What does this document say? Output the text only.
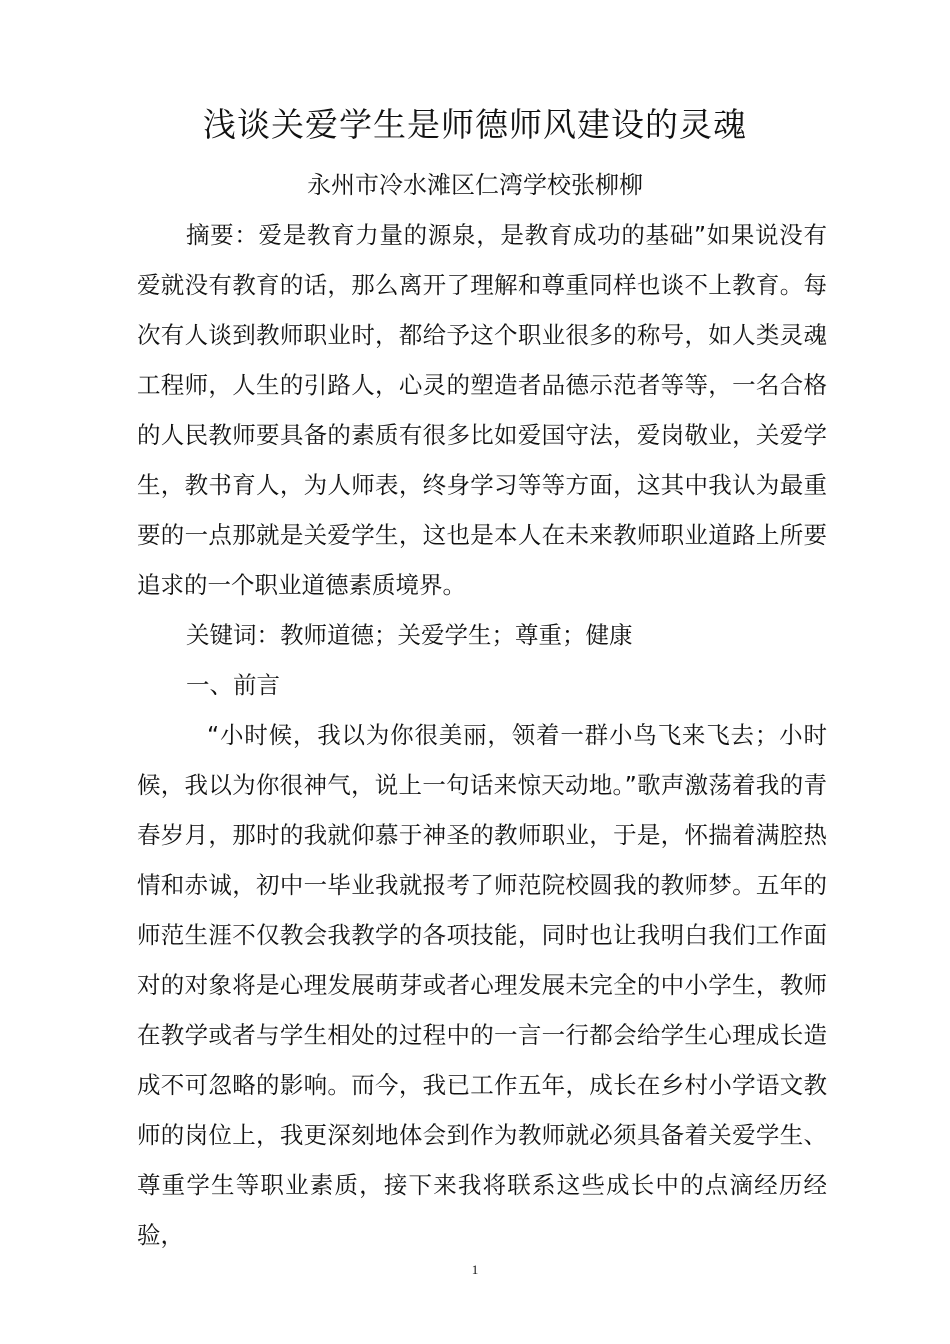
浅谈关爱学生是师德师风建设的灵魂
永州市冷水滩区仁湾学校张柳柳

摘要：爱是教育力量的源泉，是教育成功的基础”如果说没有爱就没有教育的话，那么离开了理解和尊重同样也谈不上教育。每次有人谈到教师职业时，都给予这个职业很多的称号，如人类灵魂工程师，人生的引路人，心灵的塑造者品德示范者等等，一名合格的人民教师要具备的素质有很多比如爱国守法，爱岗敬业，关爱学生，教书育人，为人师表，终身学习等等方面，这其中我认为最重要的一点那就是关爱学生，这也是本人在未来教师职业道路上所要追求的一个职业道德素质境界。

关键词：教师道德；关爱学生；尊重；健康

一、前言

“小时候，我以为你很美丽，领着一群小鸟飞来飞去；小时候，我以为你很神气，说上一句话来惊天动地。”歌声激荡着我的青春岁月，那时的我就仰慕于神圣的教师职业，于是，怀揣着满腔热情和赤诚，初中一毕业我就报考了师范院校圆我的教师梦。五年的师范生涯不仅教会我教学的各项技能，同时也让我明白我们工作面对的对象将是心理发展萌芽或者心理发展未完全的中小学生，教师在教学或者与学生相处的过程中的一言一行都会给学生心理成长造成不可忽略的影响。而今，我已工作五年，成长在乡村小学语文教师的岗位上，我更深刻地体会到作为教师就必须具备着关爱学生、尊重学生等职业素质，接下来我将联系这些成长中的点滴经历经验，

1
